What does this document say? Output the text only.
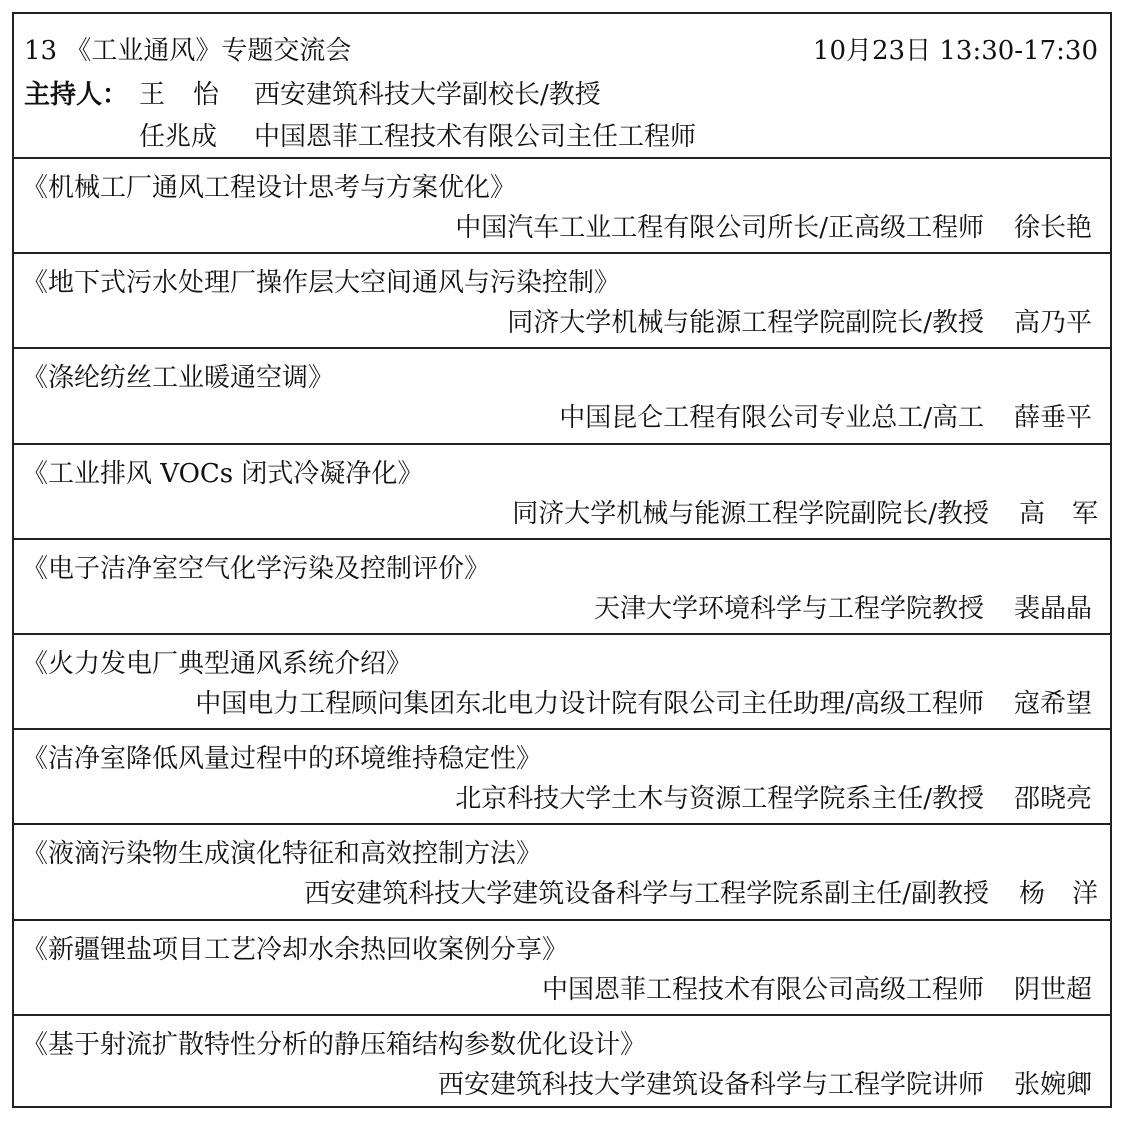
13 《工业通风》专题交流会	10月23日 13:30-17:30
主持人： 王怡 西安建筑科技大学副校长/教授
任兆成 中国恩菲工程技术有限公司主任工程师
《机械工厂通风工程设计思考与方案优化》
中国汽车工业工程有限公司所长/正高级工程师 徐长艳
《地下式污水处理厂操作层大空间通风与污染控制》
同济大学机械与能源工程学院副院长/教授 高乃平
《涤纶纺丝工业暖通空调》
中国昆仑工程有限公司专业总工/高工 薛垂平
《工业排风 VOCs 闭式冷凝净化》
同济大学机械与能源工程学院副院长/教授 高军
《电子洁净室空气化学污染及控制评价》
天津大学环境科学与工程学院教授 裴晶晶
《火力发电厂典型通风系统介绍》
中国电力工程顾问集团东北电力设计院有限公司主任助理/高级工程师 寇希望
《洁净室降低风量过程中的环境维持稳定性》
北京科技大学土木与资源工程学院系主任/教授 邵晓亮
《液滴污染物生成演化特征和高效控制方法》
西安建筑科技大学建筑设备科学与工程学院系副主任/副教授 杨洋
《新疆锂盐项目工艺冷却水余热回收案例分享》
中国恩菲工程技术有限公司高级工程师 阴世超
《基于射流扩散特性分析的静压箱结构参数优化设计》
西安建筑科技大学建筑设备科学与工程学院讲师 张婉卿
